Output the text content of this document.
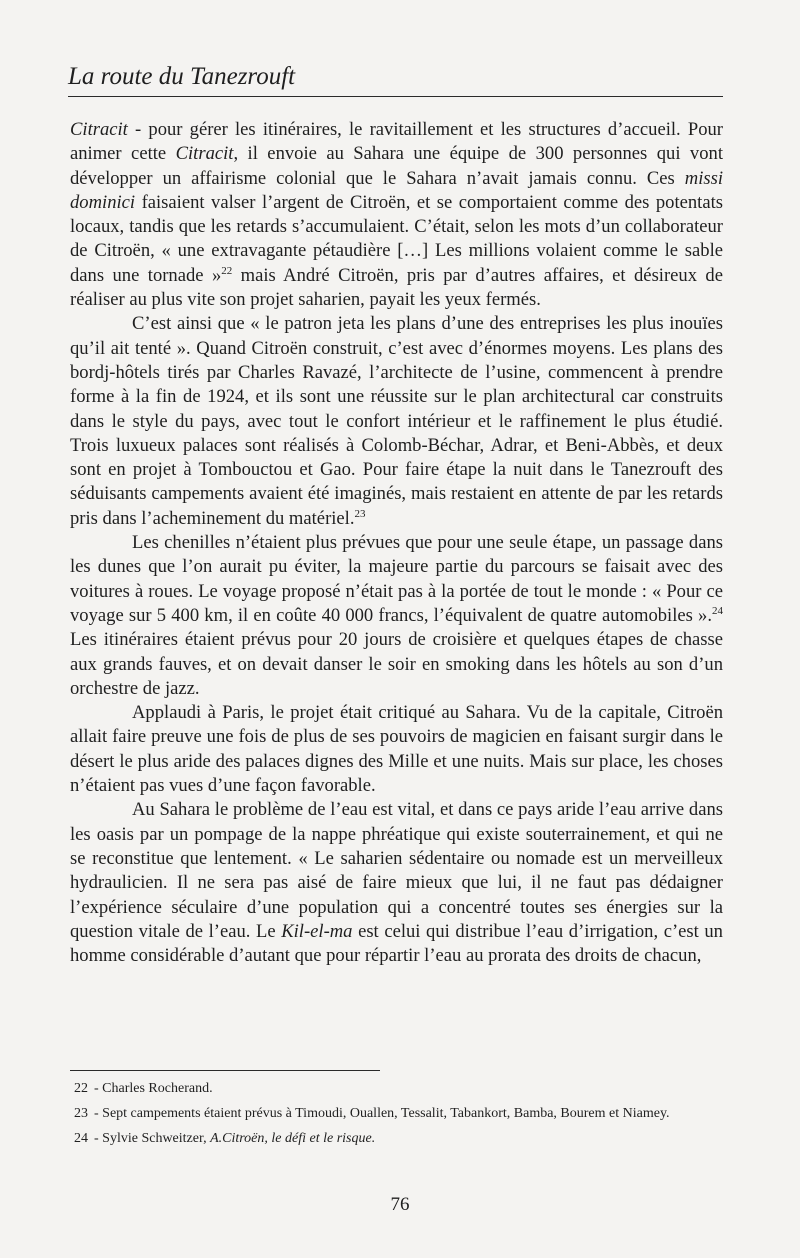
La route du Tanezrouft

Citracit - pour gérer les itinéraires, le ravitaillement et les structures d’accueil. Pour animer cette Citracit, il envoie au Sahara une équipe de 300 personnes qui vont développer un affairisme colonial que le Sahara n’avait jamais connu. Ces missi dominici faisaient valser l’argent de Citroën, et se comportaient comme des potentats locaux, tandis que les retards s’accumulaient. C’était, selon les mots d’un collaborateur de Citroën, « une extravagante pétaudière […] Les millions volaient comme le sable dans une tornade »$^{22}$ mais André Citroën, pris par d’autres affaires, et désireux de réaliser au plus vite son projet saharien, payait les yeux fermés.

C’est ainsi que « le patron jeta les plans d’une des entreprises les plus inouïes qu’il ait tenté ». Quand Citroën construit, c’est avec d’énormes moyens. Les plans des bordj-hôtels tirés par Charles Ravazé, l’architecte de l’usine, commencent à prendre forme à la fin de 1924, et ils sont une réussite sur le plan architectural car construits dans le style du pays, avec tout le confort intérieur et le raffinement le plus étudié. Trois luxueux palaces sont réalisés à Colomb-Béchar, Adrar, et Beni-Abbès, et deux sont en projet à Tombouctou et Gao. Pour faire étape la nuit dans le Tanezrouft des séduisants campements avaient été imaginés, mais restaient en attente de par les retards pris dans l’acheminement du matériel.$^{23}$

Les chenilles n’étaient plus prévues que pour une seule étape, un passage dans les dunes que l’on aurait pu éviter, la majeure partie du parcours se faisait avec des voitures à roues. Le voyage proposé n’était pas à la portée de tout le monde : « Pour ce voyage sur 5 400 km, il en coûte 40 000 francs, l’équivalent de quatre automobiles ».$^{24}$ Les itinéraires étaient prévus pour 20 jours de croisière et quelques étapes de chasse aux grands fauves, et on devait danser le soir en smoking dans les hôtels au son d’un orchestre de jazz.

Applaudi à Paris, le projet était critiqué au Sahara. Vu de la capitale, Citroën allait faire preuve une fois de plus de ses pouvoirs de magicien en faisant surgir dans le désert le plus aride des palaces dignes des Mille et une nuits. Mais sur place, les choses n’étaient pas vues d’une façon favorable.

Au Sahara le problème de l’eau est vital, et dans ce pays aride l’eau arrive dans les oasis par un pompage de la nappe phréatique qui existe souterrainement, et qui ne se reconstitue que lentement. « Le saharien sédentaire ou nomade est un merveilleux hydraulicien. Il ne sera pas aisé de faire mieux que lui, il ne faut pas dédaigner l’expérience séculaire d’une population qui a concentré toutes ses énergies sur la question vitale de l’eau. Le Kil-el-ma est celui qui distribue l’eau d’irrigation, c’est un homme considérable d’autant que pour répartir l’eau au prorata des droits de chacun,

22 - Charles Rocherand.
23 - Sept campements étaient prévus à Timoudi, Ouallen, Tessalit, Tabankort, Bamba, Bourem et Niamey.
24 - Sylvie Schweitzer, A.Citroën, le défi et le risque.
76
